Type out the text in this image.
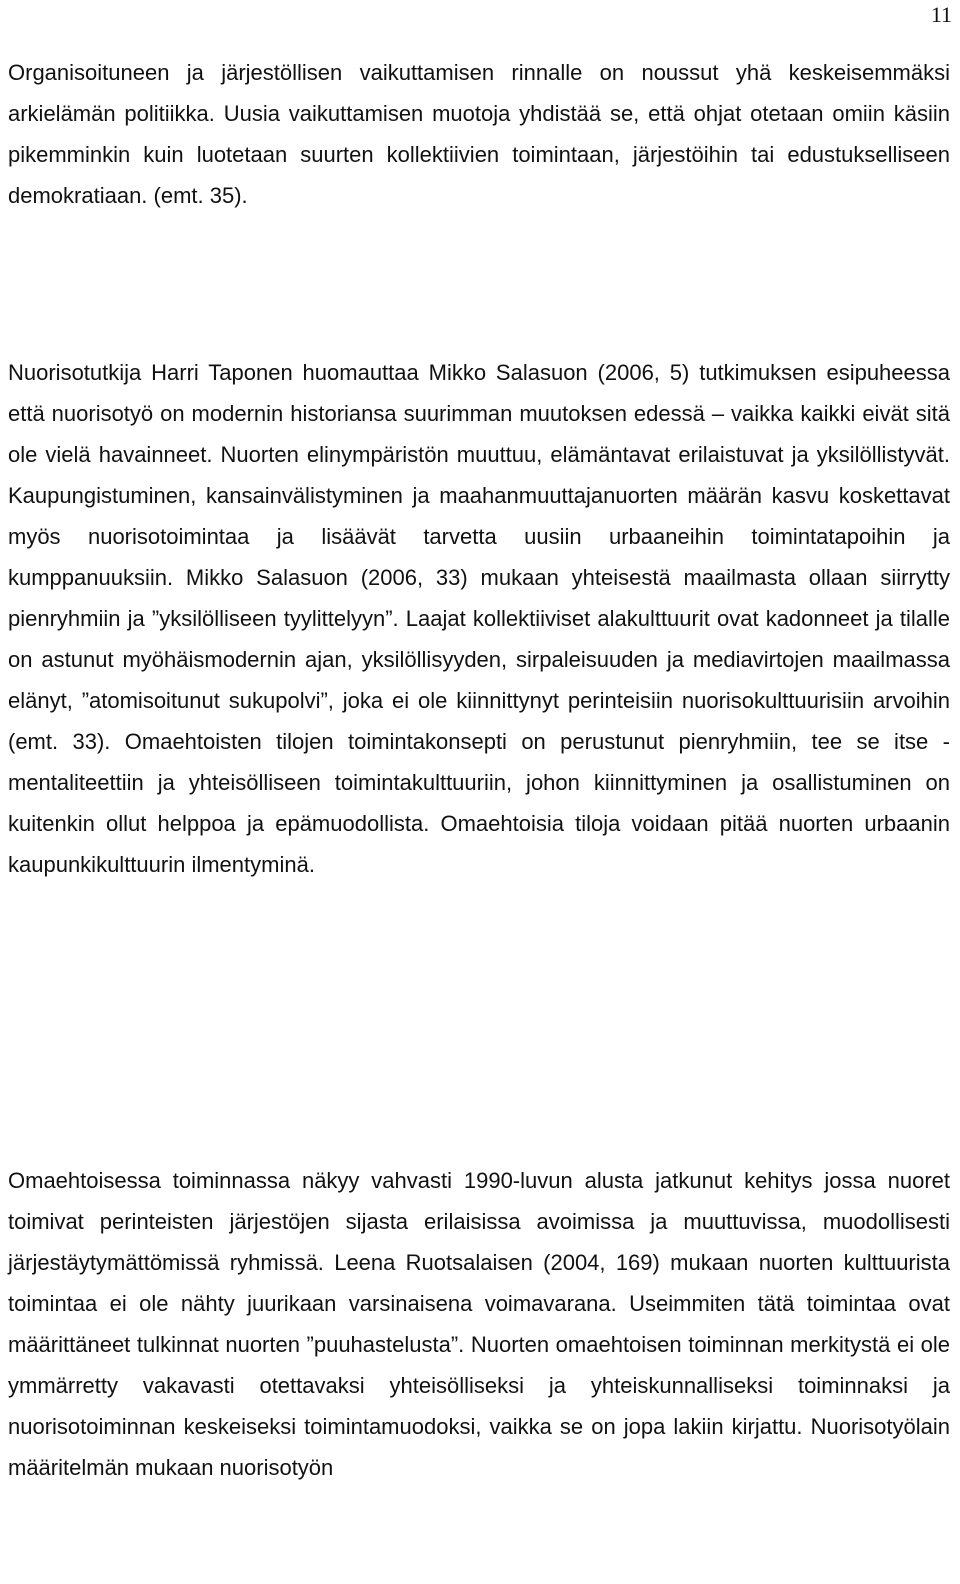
11

Organisoituneen ja järjestöllisen vaikuttamisen rinnalle on noussut yhä keskeisemmäksi arkielämän politiikka. Uusia vaikuttamisen muotoja yhdistää se, että ohjat otetaan omiin käsiin pikemminkin kuin luotetaan suurten kollektiivien toimintaan, järjestöihin tai edustukselliseen demokratiaan. (emt. 35).

Nuorisotutkija Harri Taponen huomauttaa Mikko Salasuon (2006, 5) tutkimuksen esipuheessa että nuorisotyö on modernin historiansa suurimman muutoksen edessä – vaikka kaikki eivät sitä ole vielä havainneet. Nuorten elinympäristön muuttuu, elämäntavat erilaistuvat ja yksilöllistyvät. Kaupungistuminen, kansainvälistyminen ja maahanmuuttajanuorten määrän kasvu koskettavat myös nuorisotoimintaa ja lisäävät tarvetta uusiin urbaaneihin toimintatapoihin ja kumppanuuksiin. Mikko Salasuon (2006, 33) mukaan yhteisestä maailmasta ollaan siirrytty pienryhmiin ja ”yksilölliseen tyylittelyyn”. Laajat kollektiiviset alakulttuurit ovat kadonneet ja tilalle on astunut myöhäismodernin ajan, yksilöllisyyden, sirpaleisuuden ja mediavirtojen maailmassa elänyt, ”atomisoitunut sukupolvi”, joka ei ole kiinnittynyt perinteisiin nuorisokulttuurisiin arvoihin (emt. 33). Omaehtoisten tilojen toimintakonsepti on perustunut pienryhmiin, tee se itse -mentaliteettiin ja yhteisölliseen toimintakulttuuriin, johon kiinnittyminen ja osallistuminen on kuitenkin ollut helppoa ja epämuodollista. Omaehtoisia tiloja voidaan pitää nuorten urbaanin kaupunkikulttuurin ilmentyminä.

Omaehtoisessa toiminnassa näkyy vahvasti 1990-luvun alusta jatkunut kehitys jossa nuoret toimivat perinteisten järjestöjen sijasta erilaisissa avoimissa ja muuttuvissa, muodollisesti järjestäytymättömissä ryhmissä. Leena Ruotsalaisen (2004, 169) mukaan nuorten kulttuurista toimintaa ei ole nähty juurikaan varsinaisena voimavarana. Useimmiten tätä toimintaa ovat määrittäneet tulkinnat nuorten ”puuhastelusta”. Nuorten omaehtoisen toiminnan merkitystä ei ole ymmärretty vakavasti otettavaksi yhteisölliseksi ja yhteiskunnalliseksi toiminnaksi ja nuorisotoiminnan keskeiseksi toimintamuodoksi, vaikka se on jopa lakiin kirjattu. Nuorisotyölain määritelmän mukaan nuorisotyön
